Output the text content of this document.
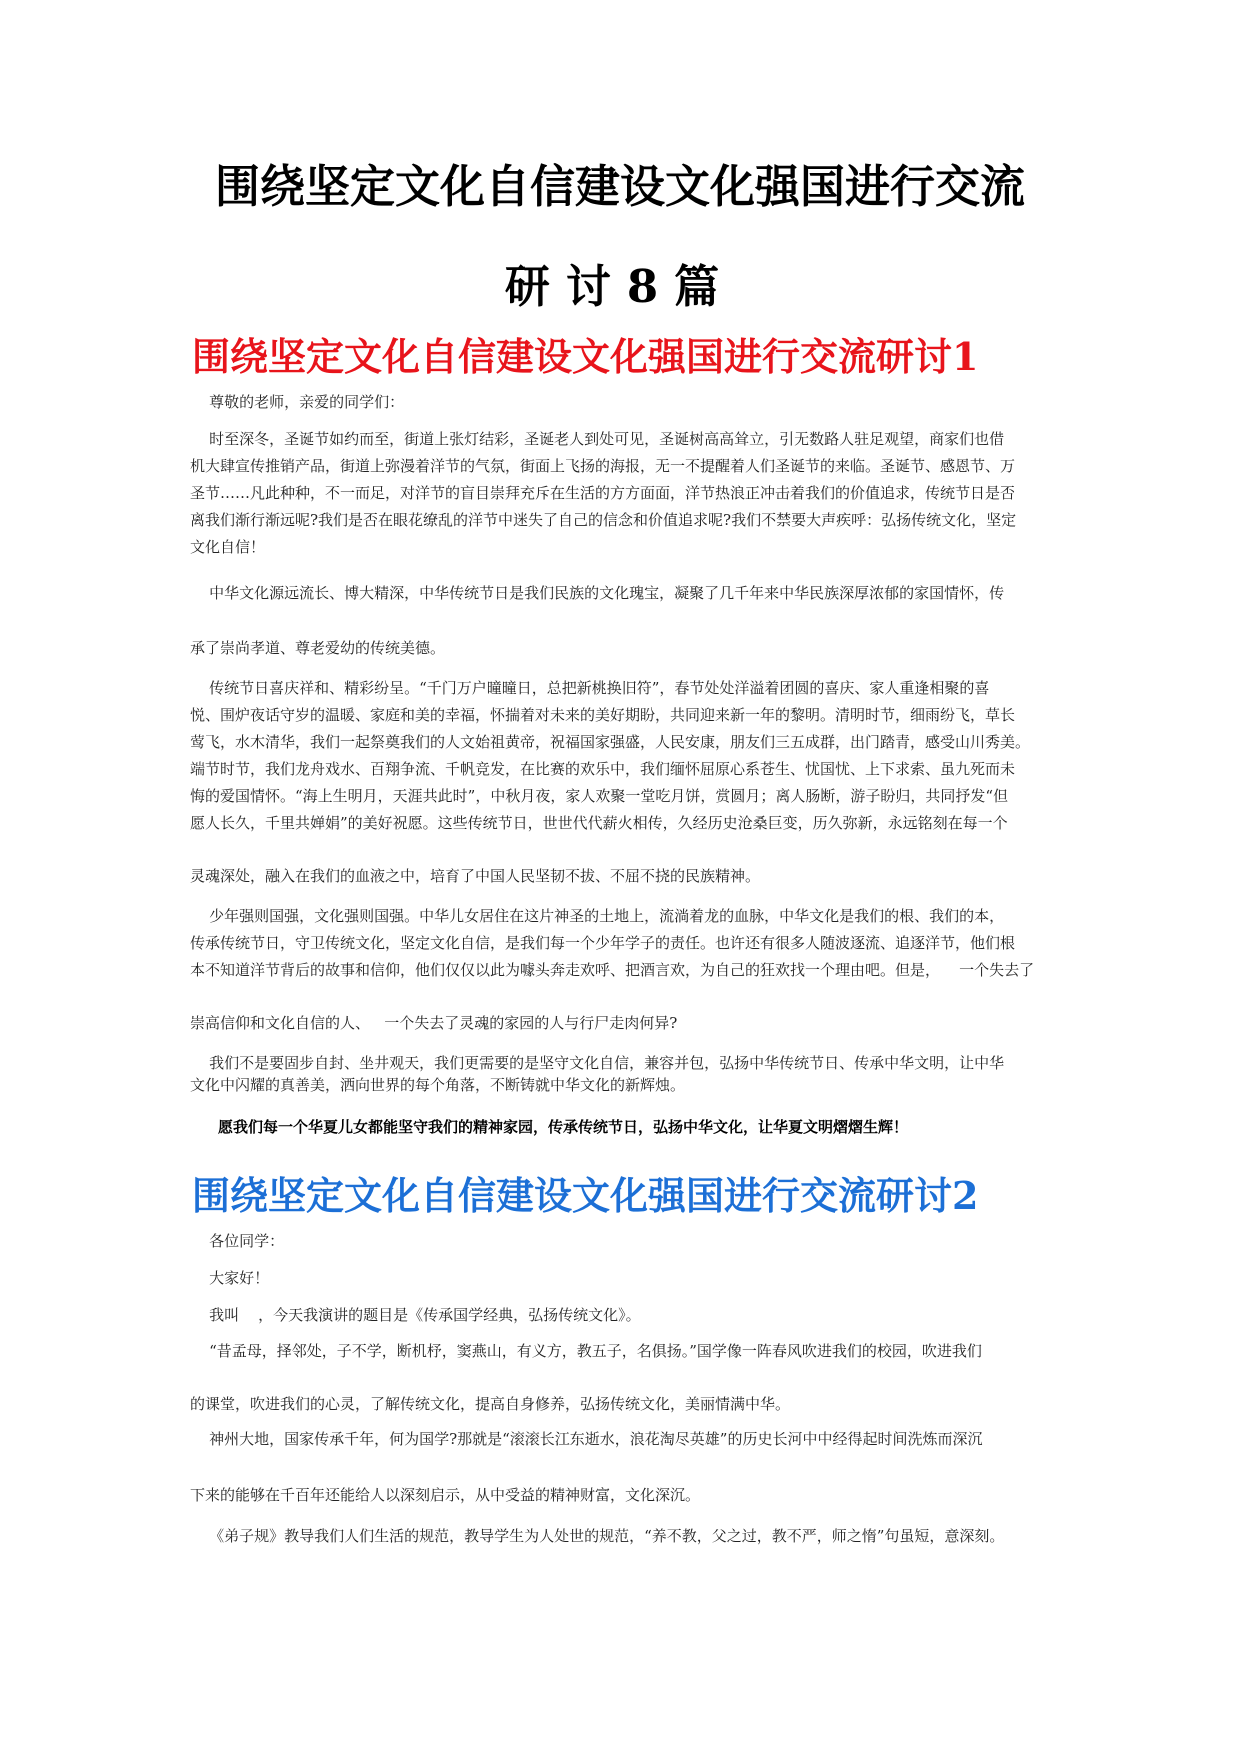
围绕坚定文化自信建设文化强国进行交流
研讨8篇
围绕坚定文化自信建设文化强国进行交流研讨1

尊敬的老师，亲爱的同学们：

时至深冬，圣诞节如约而至，街道上张灯结彩，圣诞老人到处可见，圣诞树高高耸立，引无数路人驻足观望，商家们也借

机大肆宣传推销产品，街道上弥漫着洋节的气氛，街面上飞扬的海报，无一不提醒着人们圣诞节的来临。圣诞节、感恩节、万

圣节……凡此种种，不一而足，对洋节的盲目崇拜充斥在生活的方方面面，洋节热浪正冲击着我们的价值追求，传统节日是否

离我们渐行渐远呢?我们是否在眼花缭乱的洋节中迷失了自己的信念和价值追求呢?我们不禁要大声疾呼：弘扬传统文化，坚定

文化自信！

中华文化源远流长、博大精深，中华传统节日是我们民族的文化瑰宝，凝聚了几千年来中华民族深厚浓郁的家国情怀，传

承了崇尚孝道、尊老爱幼的传统美德。

传统节日喜庆祥和、精彩纷呈。“千门万户曈曈日，总把新桃换旧符”，春节处处洋溢着团圆的喜庆、家人重逢相聚的喜

悦、围炉夜话守岁的温暖、家庭和美的幸福，怀揣着对未来的美好期盼，共同迎来新一年的黎明。清明时节，细雨纷飞，草长

莺飞，水木清华，我们一起祭奠我们的人文始祖黄帝，祝福国家强盛，人民安康，朋友们三五成群，出门踏青，感受山川秀美。

端节时节，我们龙舟戏水、百翔争流、千帆竞发，在比赛的欢乐中，我们缅怀屈原心系苍生、忧国忧、上下求索、虽九死而未

悔的爱国情怀。“海上生明月，天涯共此时”，中秋月夜，家人欢聚一堂吃月饼，赏圆月；离人肠断，游子盼归，共同抒发“但

愿人长久，千里共婵娟”的美好祝愿。这些传统节日，世世代代薪火相传，久经历史沧桑巨变，历久弥新，永远铭刻在每一个

灵魂深处，融入在我们的血液之中，培育了中国人民坚韧不拔、不屈不挠的民族精神。

少年强则国强，文化强则国强。中华儿女居住在这片神圣的土地上，流淌着龙的血脉，中华文化是我们的根、我们的本，

传承传统节日，守卫传统文化，坚定文化自信，是我们每一个少年学子的责任。也许还有很多人随波逐流、追逐洋节，他们根

本不知道洋节背后的故事和信仰，他们仅仅以此为噱头奔走欢呼、把酒言欢，为自己的狂欢找一个理由吧。但是，    一个失去了

崇高信仰和文化自信的人、   一个失去了灵魂的家园的人与行尸走肉何异?

我们不是要固步自封、坐井观天，我们更需要的是坚守文化自信，兼容并包，弘扬中华传统节日、传承中华文明，让中华

文化中闪耀的真善美，洒向世界的每个角落，不断铸就中华文化的新辉烛。

愿我们每一个华夏儿女都能坚守我们的精神家园，传承传统节日，弘扬中华文化，让华夏文明熠熠生辉！

围绕坚定文化自信建设文化强国进行交流研讨2

各位同学：

大家好！

我叫    ，今天我演讲的题目是《传承国学经典，弘扬传统文化》。

“昔孟母，择邻处，子不学，断机杼，窦燕山，有义方，教五子，名俱扬。”国学像一阵春风吹进我们的校园，吹进我们

的课堂，吹进我们的心灵，了解传统文化，提高自身修养，弘扬传统文化，美丽情满中华。

神州大地，国家传承千年，何为国学?那就是“滚滚长江东逝水，浪花淘尽英雄”的历史长河中中经得起时间洗炼而深沉

下来的能够在千百年还能给人以深刻启示，从中受益的精神财富，文化深沉。

《弟子规》教导我们人们生活的规范，教导学生为人处世的规范，“养不教，父之过，教不严，师之惰”句虽短，意深刻。
